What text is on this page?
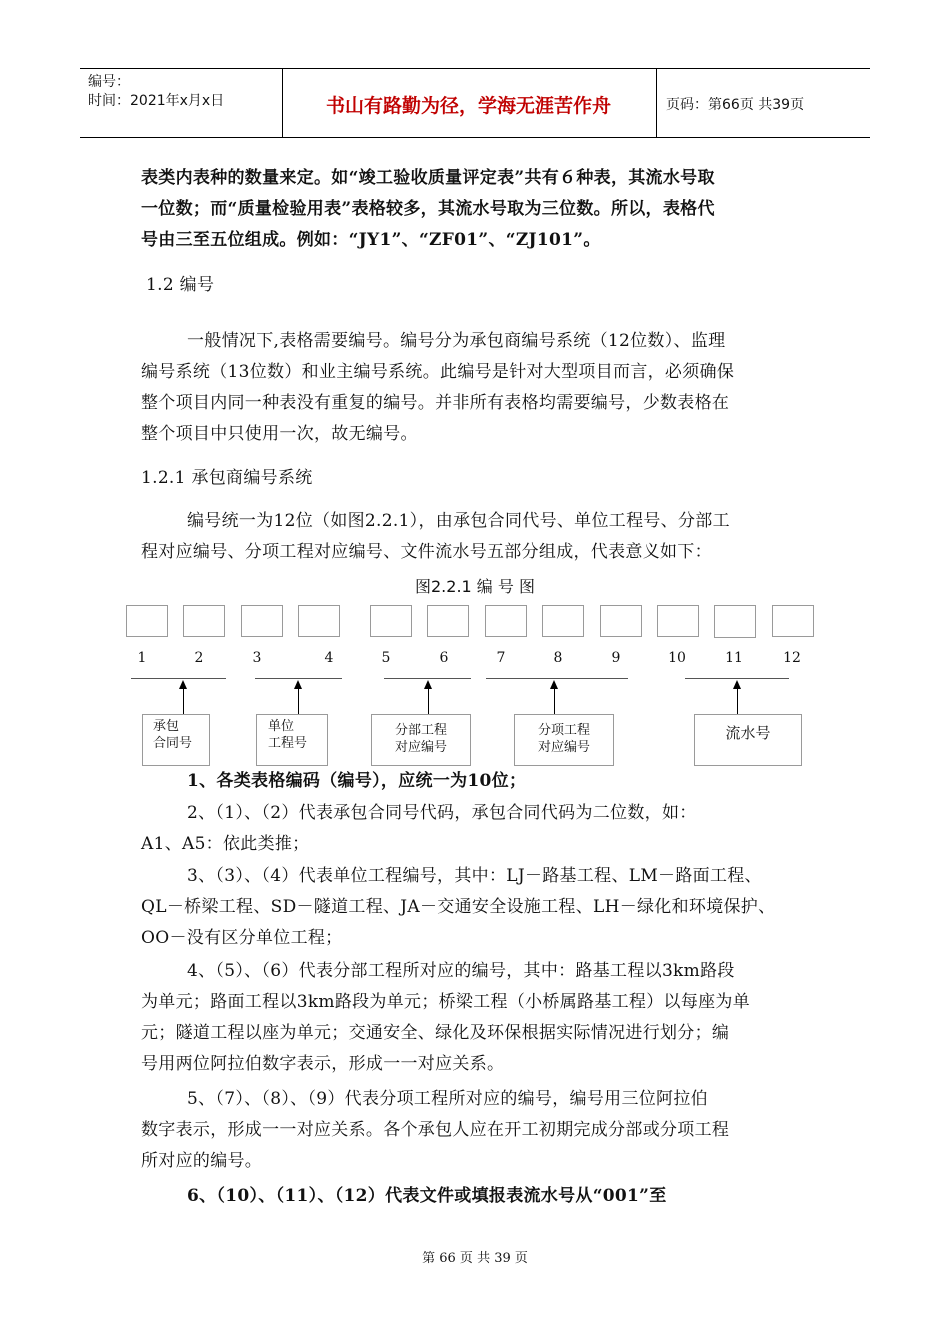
编号：
时间：2021年x月x日	书山有路勤为径，学海无涯苦作舟	页码：第66页 共39页
表类内表种的数量来定。如“竣工验收质量评定表”共有６种表，其流水号取
一位数；而“质量检验用表”表格较多，其流水号取为三位数。所以，表格代
号由三至五位组成。例如：“JY1”、“ZF01”、“ZJ101”。
1.2 编号
一般情况下,表格需要编号。编号分为承包商编号系统（12位数）、监理
编号系统（13位数）和业主编号系统。此编号是针对大型项目而言，必须确保
整个项目内同一种表没有重复的编号。并非所有表格均需要编号，少数表格在
整个项目中只使用一次，故无编号。
1.2.1 承包商编号系统
编号统一为12位（如图2.2.1），由承包合同代号、单位工程号、分部工
程对应编号、分项工程对应编号、文件流水号五部分组成，代表意义如下：
图2.2.1 编 号 图
1	2	3	4	5	6	7	8	9	10	11	12
承包
合同号
单位
工程号
分部工程
对应编号
分项工程
对应编号
流水号
1、各类表格编码（编号），应统一为10位；
2、（1）、（2）代表承包合同号代码，承包合同代码为二位数，如：
A1、A5：依此类推；
3、（3）、（4）代表单位工程编号，其中：LJ－路基工程、LM－路面工程、
QL－桥梁工程、SD－隧道工程、JA－交通安全设施工程、LH－绿化和环境保护、
OO－没有区分单位工程；
4、（5）、（6）代表分部工程所对应的编号，其中：路基工程以3km路段
为单元；路面工程以3km路段为单元；桥梁工程（小桥属路基工程）以每座为单
元；隧道工程以座为单元；交通安全、绿化及环保根据实际情况进行划分；编
号用两位阿拉伯数字表示，形成一一对应关系。
5、（7）、（8）、（9）代表分项工程所对应的编号，编号用三位阿拉伯
数字表示，形成一一对应关系。各个承包人应在开工初期完成分部或分项工程
所对应的编号。
6、（10）、（11）、（12）代表文件或填报表流水号从“001”至
第 66 页 共 39 页
